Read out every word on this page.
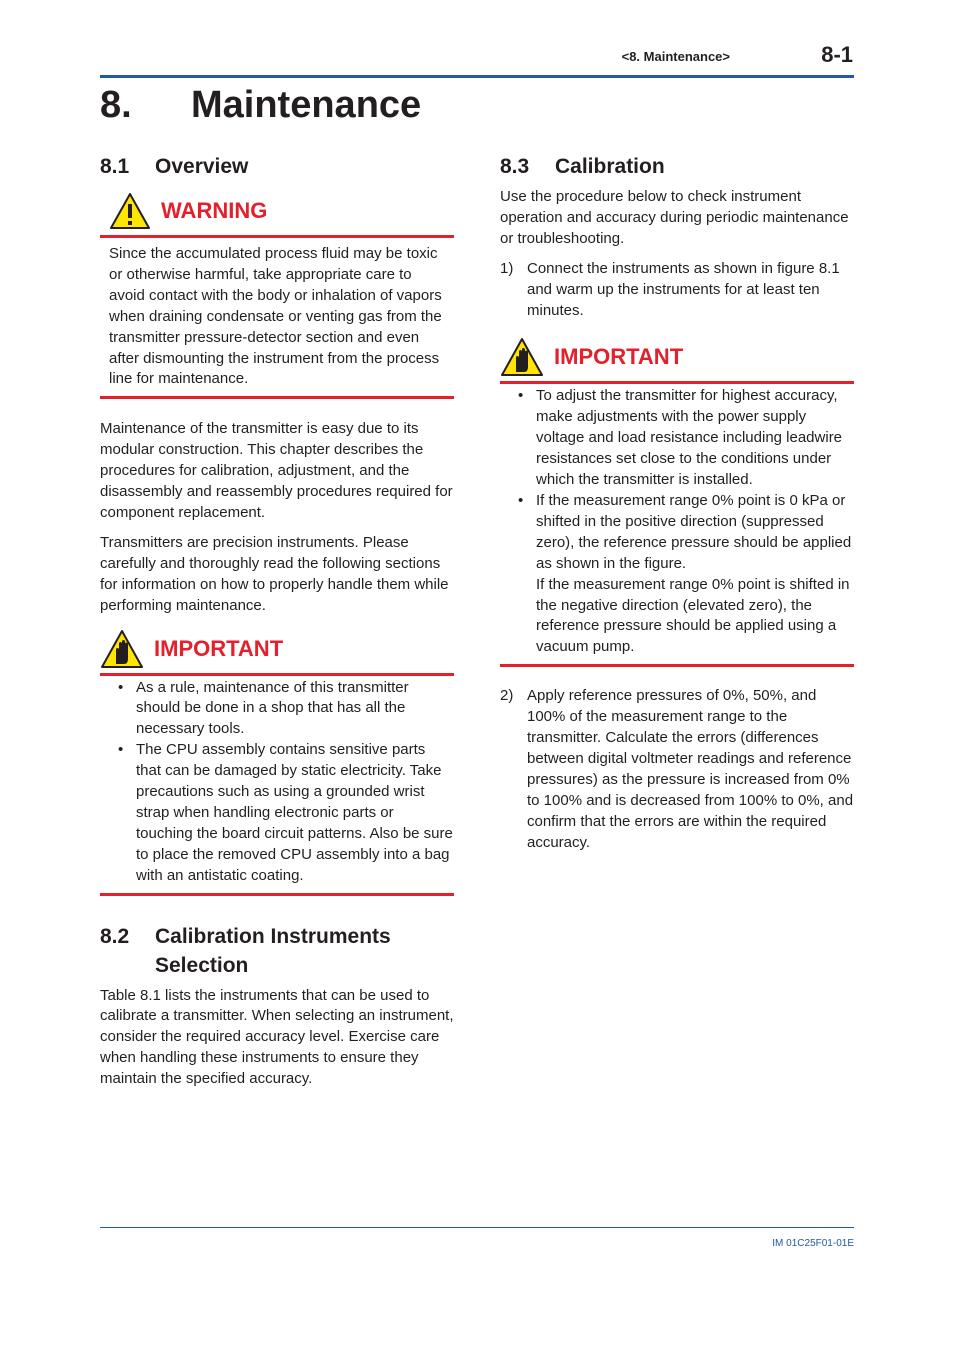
<8. Maintenance>	8-1
8. Maintenance
8.1	Overview
WARNING
Since the accumulated process fluid may be toxic or otherwise harmful, take appropriate care to avoid contact with the body or inhalation of vapors when draining condensate or venting gas from the transmitter pressure-detector section and even after dismounting the instrument from the process line for maintenance.

Maintenance of the transmitter is easy due to its modular construction. This chapter describes the procedures for calibration, adjustment, and the disassembly and reassembly procedures required for component replacement.

Transmitters are precision instruments. Please carefully and thoroughly read the following sections for information on how to properly handle them while performing maintenance.

IMPORTANT
• As a rule, maintenance of this transmitter should be done in a shop that has all the necessary tools.
• The CPU assembly contains sensitive parts that can be damaged by static electricity. Take precautions such as using a grounded wrist strap when handling electronic parts or touching the board circuit patterns. Also be sure to place the removed CPU assembly into a bag with an antistatic coating.
8.2	Calibration Instruments
Selection

Table 8.1 lists the instruments that can be used to calibrate a transmitter. When selecting an instrument, consider the required accuracy level. Exercise care when handling these instruments to ensure they maintain the specified accuracy.

8.3	Calibration

Use the procedure below to check instrument operation and accuracy during periodic maintenance or troubleshooting.

1) Connect the instruments as shown in figure 8.1 and warm up the instruments for at least ten minutes.
IMPORTANT
• To adjust the transmitter for highest accuracy, make adjustments with the power supply voltage and load resistance including leadwire resistances set close to the conditions under which the transmitter is installed.
• If the measurement range 0% point is 0 kPa or shifted in the positive direction (suppressed zero), the reference pressure should be applied as shown in the figure.
If the measurement range 0% point is shifted in the negative direction (elevated zero), the reference pressure should be applied using a vacuum pump.
2) Apply reference pressures of 0%, 50%, and 100% of the measurement range to the transmitter. Calculate the errors (differences between digital voltmeter readings and reference pressures) as the pressure is increased from 0% to 100% and is decreased from 100% to 0%, and confirm that the errors are within the required accuracy.
IM 01C25F01-01E
